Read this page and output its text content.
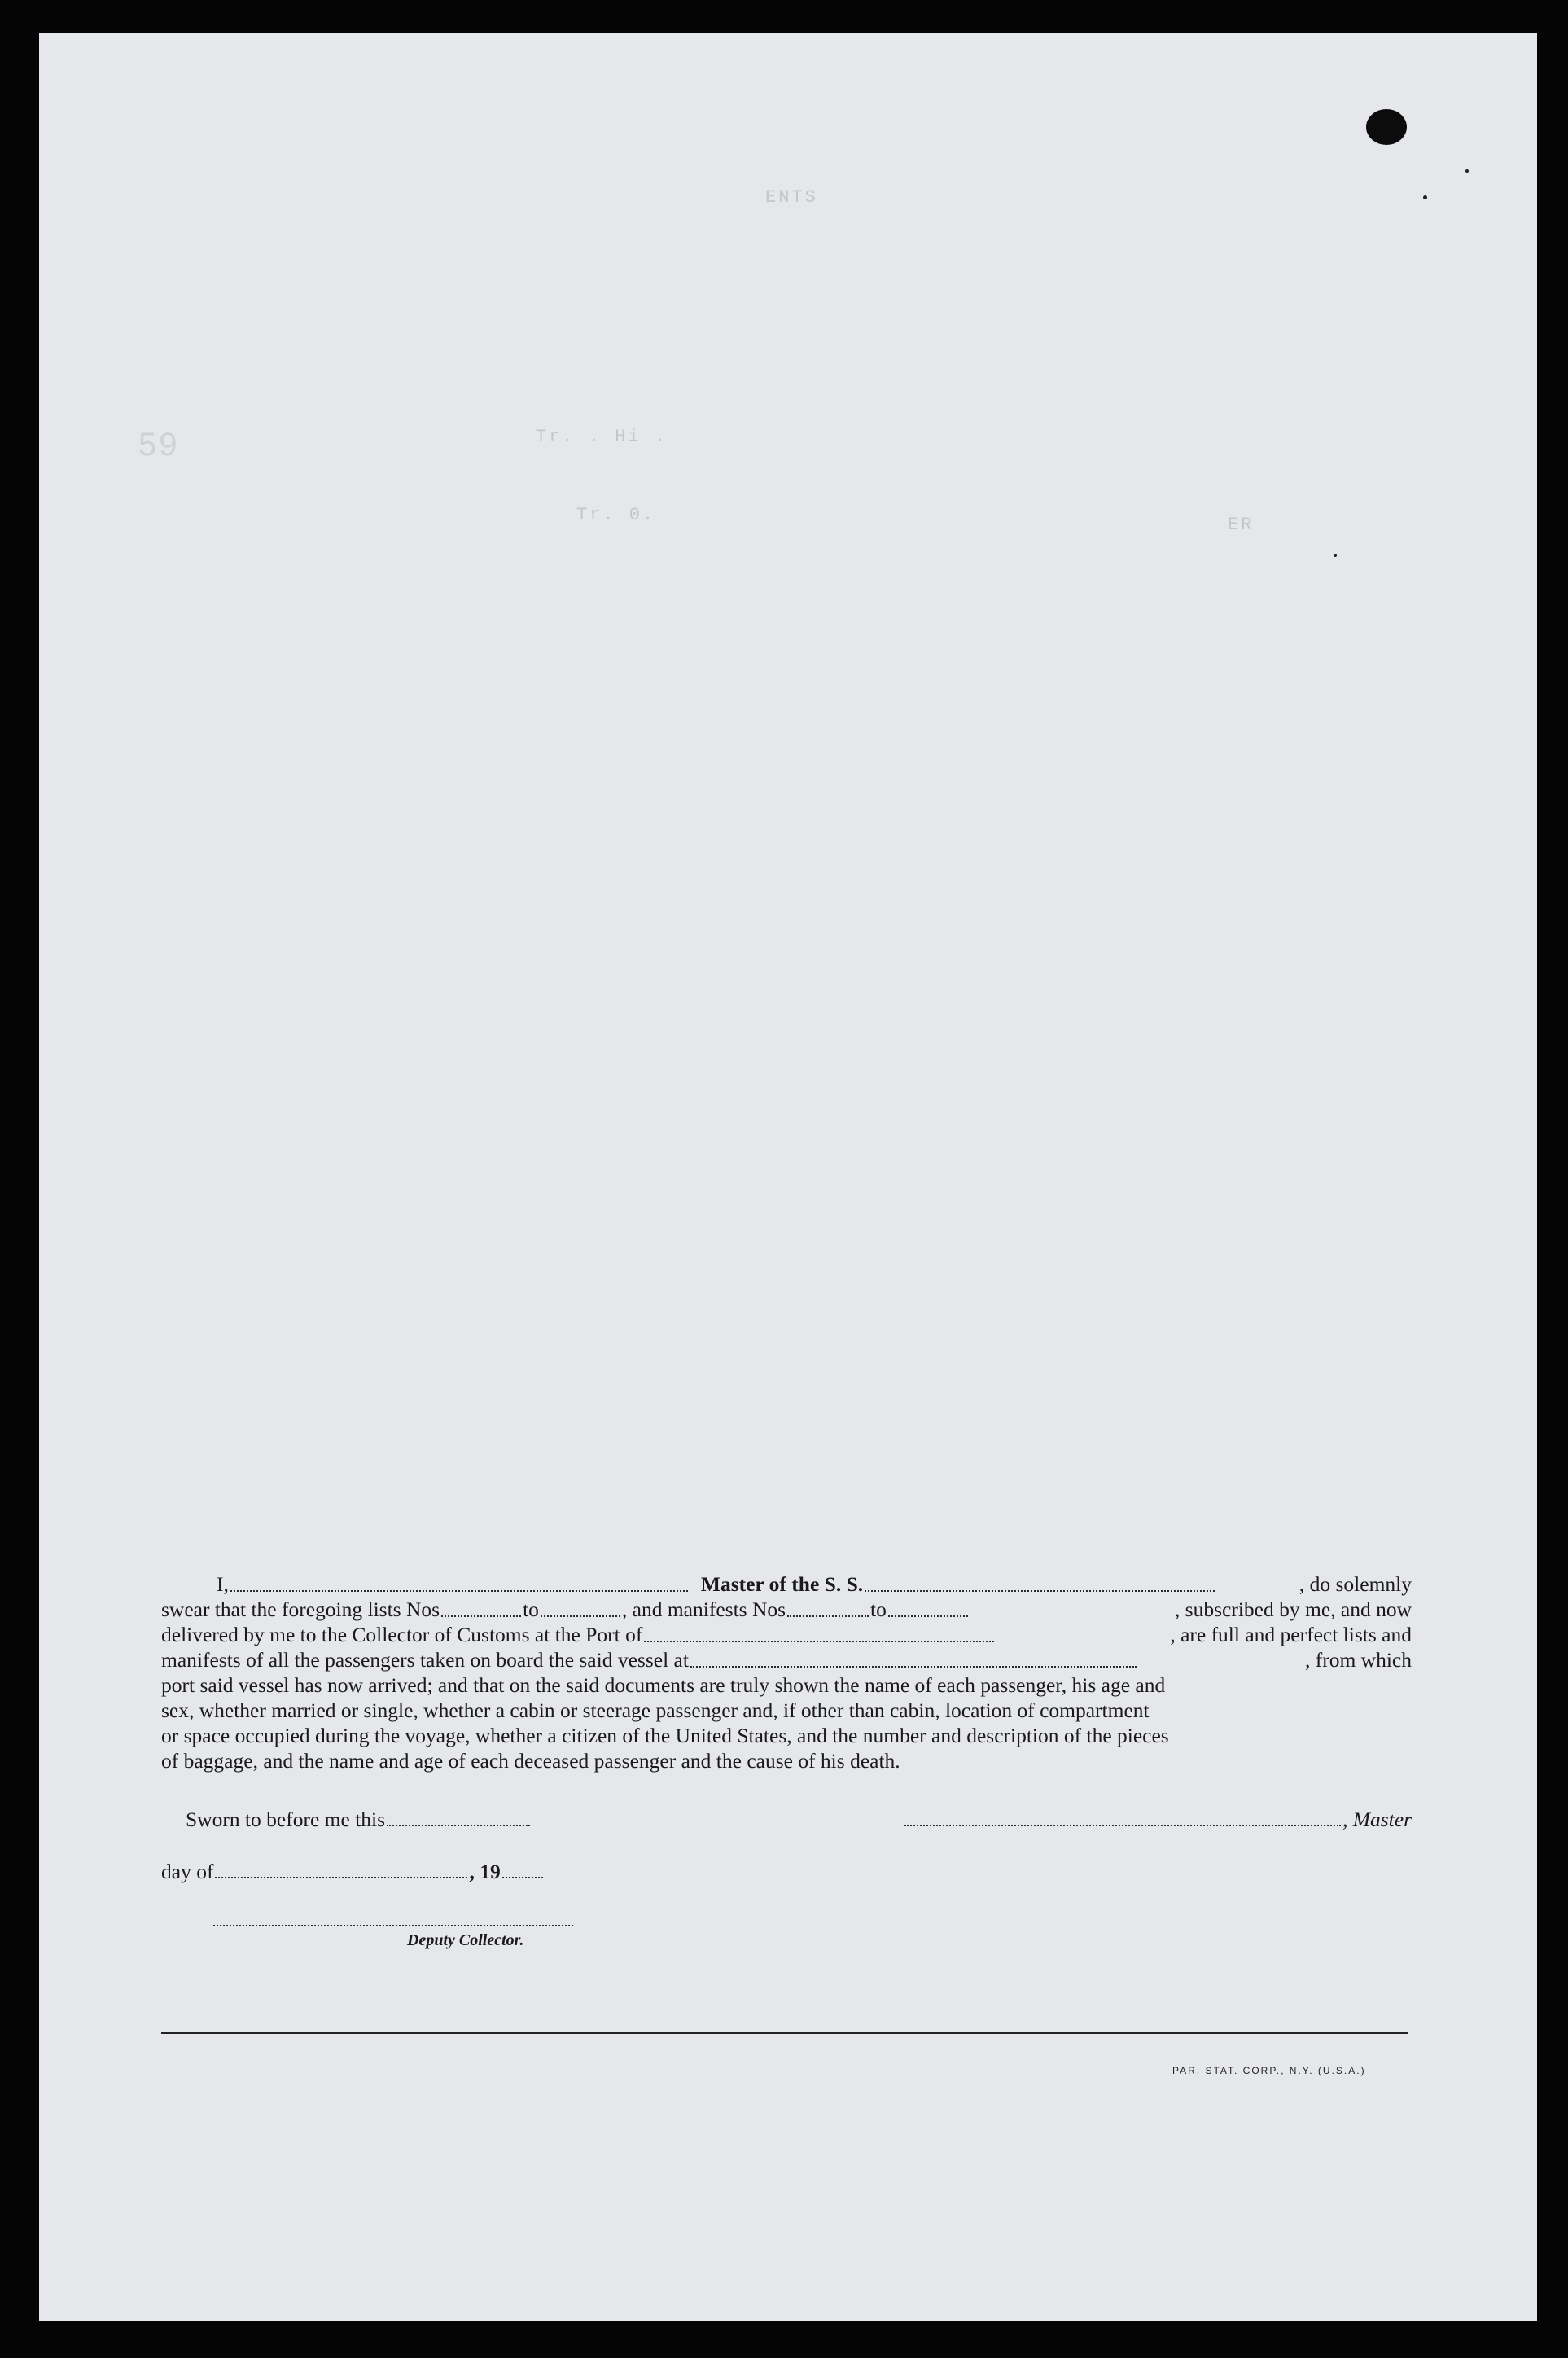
59
ENTS
Tr. . Hi .
Tr. 0.	ER
I,	Master of the S. S.	, do solemnly
swear that the foregoing lists Nos	to	, and manifests Nos	to	, subscribed by me, and now
delivered by me to the Collector of Customs at the Port of	, are full and perfect lists and
manifests of all the passengers taken on board the said vessel at	, from which
port said vessel has now arrived; and that on the said documents are truly shown the name of each passenger, his age and
sex, whether married or single, whether a cabin or steerage passenger and, if other than cabin, location of compartment
or space occupied during the voyage, whether a citizen of the United States, and the number and description of the pieces
of baggage, and the name and age of each deceased passenger and the cause of his death.
Sworn to before me this	, Master
day of	, 19
Deputy Collector.
PAR. STAT. CORP., N.Y. (U.S.A.)
